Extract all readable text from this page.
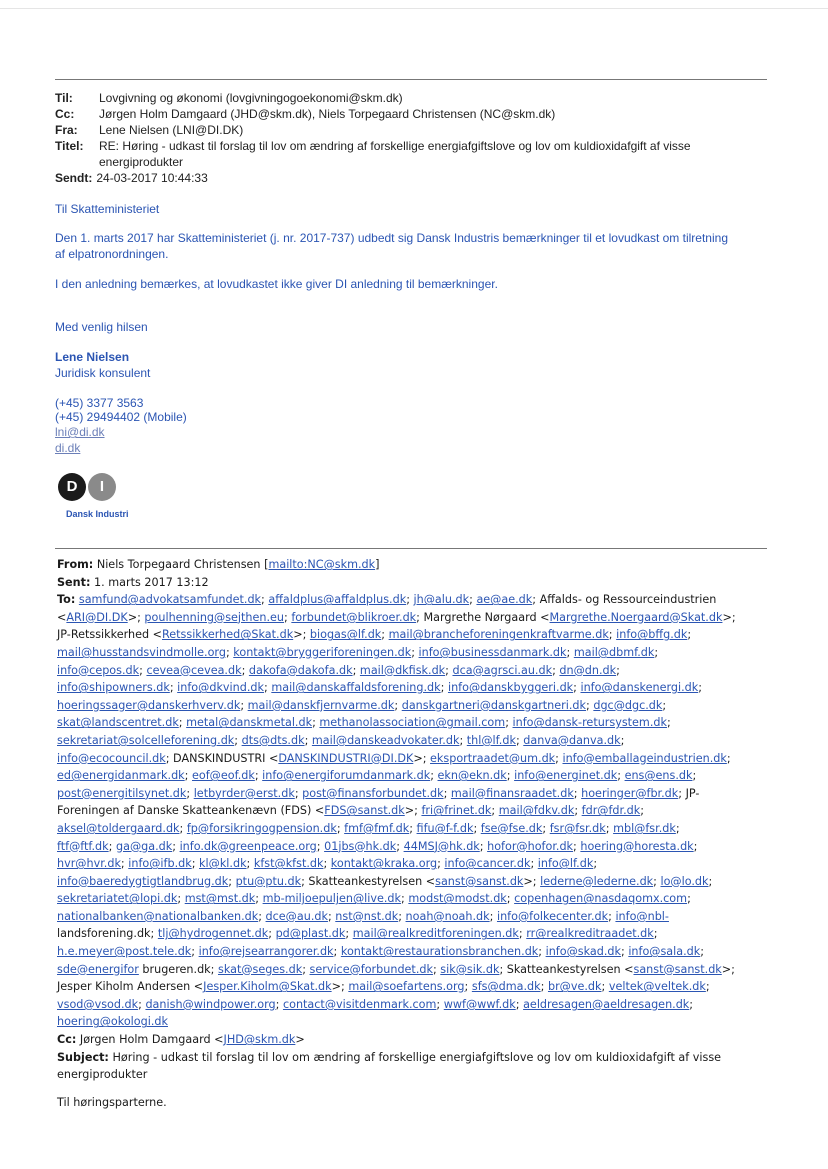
Til:	Lovgivning og økonomi (lovgivningogoekonomi@skm.dk)
Cc:	Jørgen Holm Damgaard (JHD@skm.dk), Niels Torpegaard Christensen (NC@skm.dk)
Fra:	Lene Nielsen (LNI@DI.DK)
Titel:	RE: Høring - udkast til forslag til lov om ændring af forskellige energiafgiftslove og lov om kuldioxidafgift af visse
energiprodukter
Sendt: 24-03-2017 10:44:33

Til Skatteministeriet

Den 1. marts 2017 har Skatteministeriet (j. nr. 2017-737) udbedt sig Dansk Industris bemærkninger til et lovudkast om tilretning af elpatronordningen.

I den anledning bemærkes, at lovudkastet ikke giver DI anledning til bemærkninger.

Med venlig hilsen

Lene Nielsen

Juridisk konsulent

(+45) 3377 3563

(+45) 29494402 (Mobile)

lni@di.dk

di.dk

D	I
Dansk Industri
From: Niels Torpegaard Christensen [mailto:NC@skm.dk]
Sent: 1. marts 2017 13:12
To: samfund@advokatsamfundet.dk; affaldplus@affaldplus.dk; jh@alu.dk; ae@ae.dk; Affalds- og Ressourceindustrien
<ARI@DI.DK>; poulhenning@sejthen.eu; forbundet@blikroer.dk; Margrethe Nørgaard <Margrethe.Noergaard@Skat.dk>;
JP-Retssikkerhed <Retssikkerhed@Skat.dk>; biogas@lf.dk; mail@brancheforeningenkraftvarme.dk; info@bffg.dk;
mail@husstandsvindmolle.org; kontakt@bryggeriforeningen.dk; info@businessdanmark.dk; mail@dbmf.dk;
info@cepos.dk; cevea@cevea.dk; dakofa@dakofa.dk; mail@dkfisk.dk; dca@agrsci.au.dk; dn@dn.dk;
info@shipowners.dk; info@dkvind.dk; mail@danskaffaldsforening.dk; info@danskbyggeri.dk; info@danskenergi.dk;
hoeringssager@danskerhverv.dk; mail@danskfjernvarme.dk; danskgartneri@danskgartneri.dk; dgc@dgc.dk;
skat@landscentret.dk; metal@danskmetal.dk; methanolassociation@gmail.com; info@dansk-retursystem.dk;
sekretariat@solcelleforening.dk; dts@dts.dk; mail@danskeadvokater.dk; thl@lf.dk; danva@danva.dk;
info@ecocouncil.dk; DANSKINDUSTRI <DANSKINDUSTRI@DI.DK>; eksportraadet@um.dk; info@emballageindustrien.dk;
ed@energidanmark.dk; eof@eof.dk; info@energiforumdanmark.dk; ekn@ekn.dk; info@energinet.dk; ens@ens.dk;
post@energitilsynet.dk; letbyrder@erst.dk; post@finansforbundet.dk; mail@finansraadet.dk; hoeringer@fbr.dk; JP-
Foreningen af Danske Skatteankenævn (FDS) <FDS@sanst.dk>; fri@frinet.dk; mail@fdkv.dk; fdr@fdr.dk;
aksel@toldergaard.dk; fp@forsikringogpension.dk; fmf@fmf.dk; fifu@f-f.dk; fse@fse.dk; fsr@fsr.dk; mbl@fsr.dk;
ftf@ftf.dk; ga@ga.dk; info.dk@greenpeace.org; 01jbs@hk.dk; 44MSJ@hk.dk; hofor@hofor.dk; hoering@horesta.dk;
hvr@hvr.dk; info@ifb.dk; kl@kl.dk; kfst@kfst.dk; kontakt@kraka.org; info@cancer.dk; info@lf.dk;
info@baeredygtigtlandbrug.dk; ptu@ptu.dk; Skatteankestyrelsen <sanst@sanst.dk>; lederne@lederne.dk; lo@lo.dk;
sekretariatet@lopi.dk; mst@mst.dk; mb-miljoepuljen@live.dk; modst@modst.dk; copenhagen@nasdaqomx.com;
nationalbanken@nationalbanken.dk; dce@au.dk; nst@nst.dk; noah@noah.dk; info@folkecenter.dk; info@nbl-
landsforening.dk; tlj@hydrogennet.dk; pd@plast.dk; mail@realkreditforeningen.dk; rr@realkreditraadet.dk;
h.e.meyer@post.tele.dk; info@rejsearrangorer.dk; kontakt@restaurationsbranchen.dk; info@skad.dk; info@sala.dk;
sde@energifor brugeren.dk; skat@seges.dk; service@forbundet.dk; sik@sik.dk; Skatteankestyrelsen <sanst@sanst.dk>;
Jesper Kiholm Andersen <Jesper.Kiholm@Skat.dk>; mail@soefartens.org; sfs@dma.dk; br@ve.dk; veltek@veltek.dk;
vsod@vsod.dk; danish@windpower.org; contact@visitdenmark.com; wwf@wwf.dk; aeldresagen@aeldresagen.dk;
hoering@okologi.dk

Cc: Jørgen Holm Damgaard <JHD@skm.dk>
Subject: Høring - udkast til forslag til lov om ændring af forskellige energiafgiftslove og lov om kuldioxidafgift af visse
energiprodukter
Til høringsparterne.
